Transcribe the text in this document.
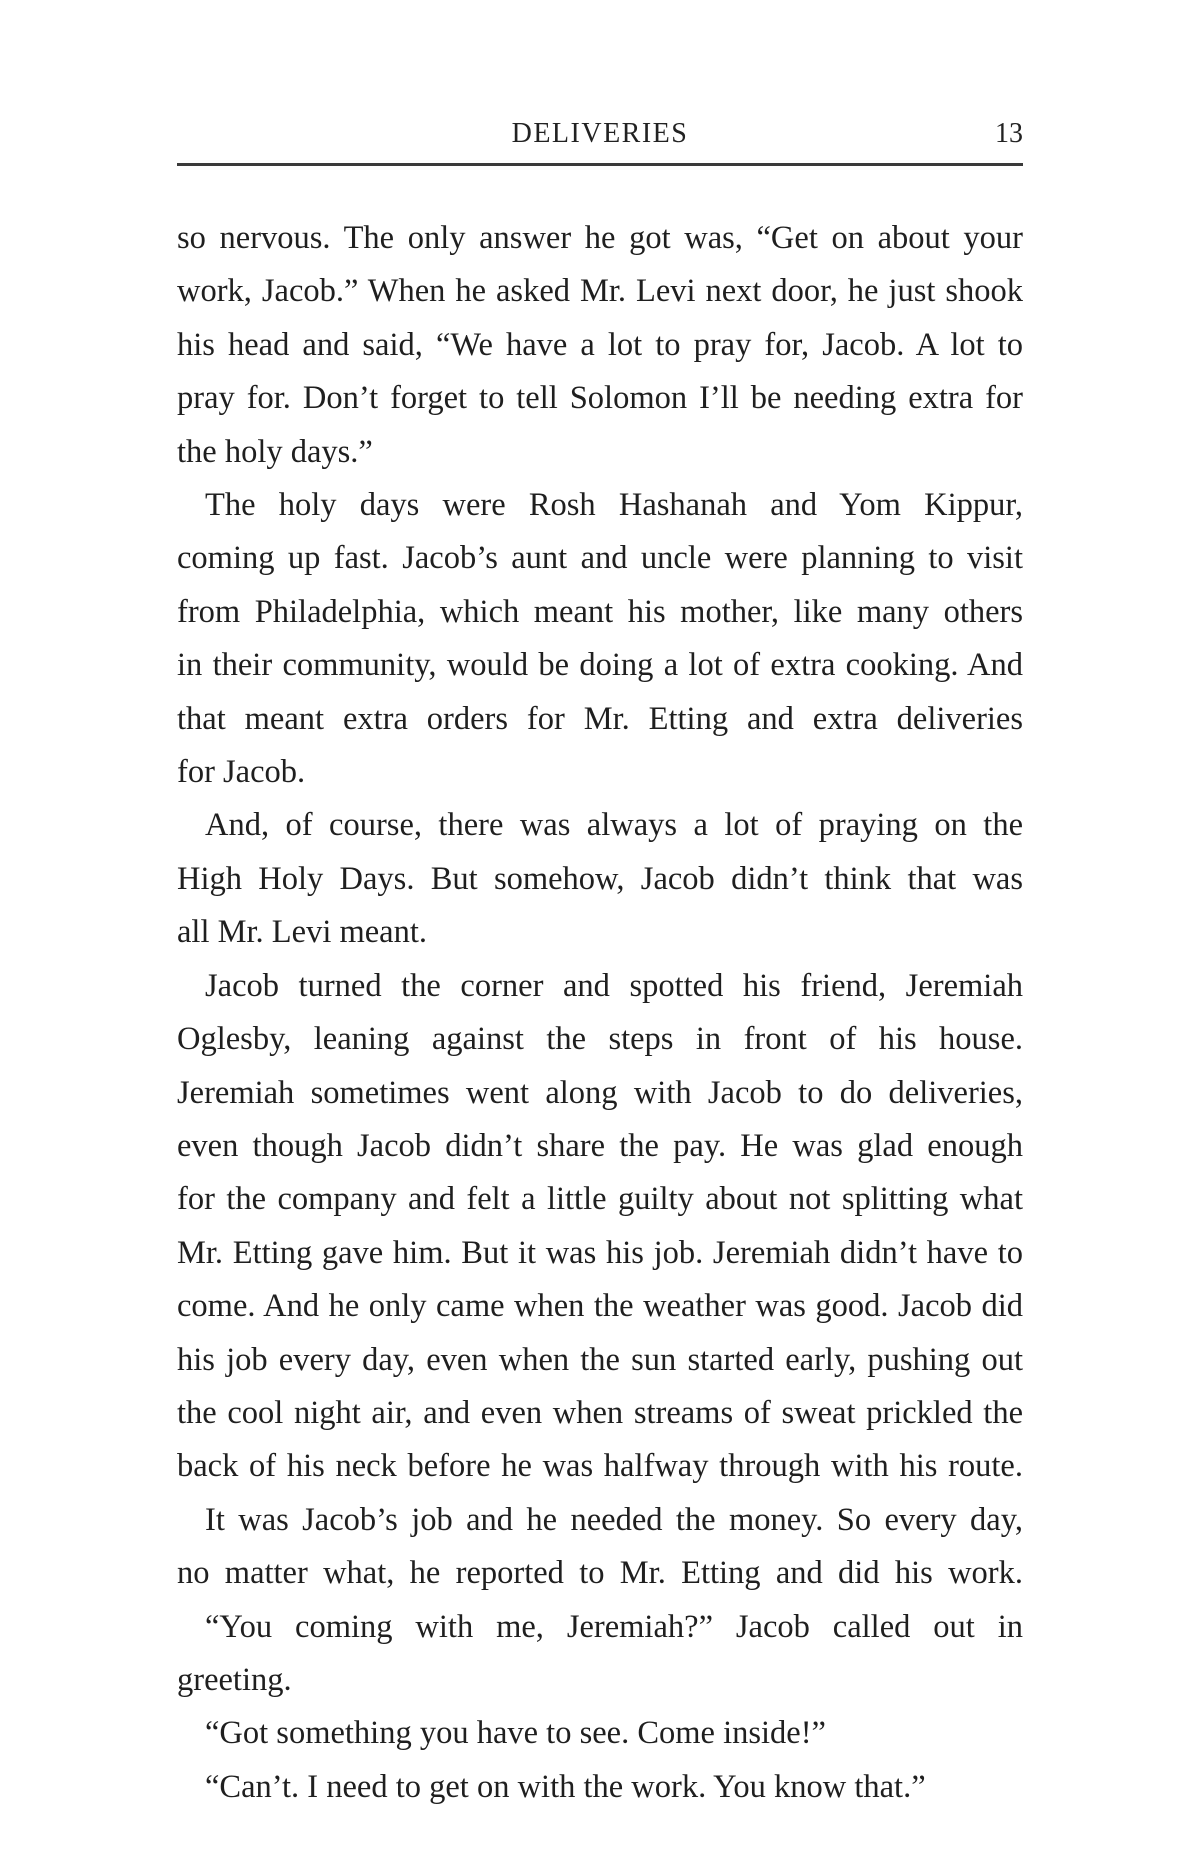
DELIVERIES	13
so nervous. The only answer he got was, “Get on about your
work, Jacob.” When he asked Mr. Levi next door, he just shook
his head and said, “We have a lot to pray for, Jacob. A lot to
pray for. Don’t forget to tell Solomon I’ll be needing extra for
the holy days.”
The holy days were Rosh Hashanah and Yom Kippur,
coming up fast. Jacob’s aunt and uncle were planning to visit
from Philadelphia, which meant his mother, like many others
in their community, would be doing a lot of extra cooking. And
that meant extra orders for Mr. Etting and extra deliveries
for Jacob.
And, of course, there was always a lot of praying on the
High Holy Days. But somehow, Jacob didn’t think that was
all Mr. Levi meant.
Jacob turned the corner and spotted his friend, Jeremiah
Oglesby, leaning against the steps in front of his house.
Jeremiah sometimes went along with Jacob to do deliveries,
even though Jacob didn’t share the pay. He was glad enough
for the company and felt a little guilty about not splitting what
Mr. Etting gave him. But it was his job. Jeremiah didn’t have to
come. And he only came when the weather was good. Jacob did
his job every day, even when the sun started early, pushing out
the cool night air, and even when streams of sweat prickled the
back of his neck before he was halfway through with his route.
It was Jacob’s job and he needed the money. So every day,
no matter what, he reported to Mr. Etting and did his work.
“You coming with me, Jeremiah?” Jacob called out in greeting.
“Got something you have to see. Come inside!”
“Can’t. I need to get on with the work. You know that.”
